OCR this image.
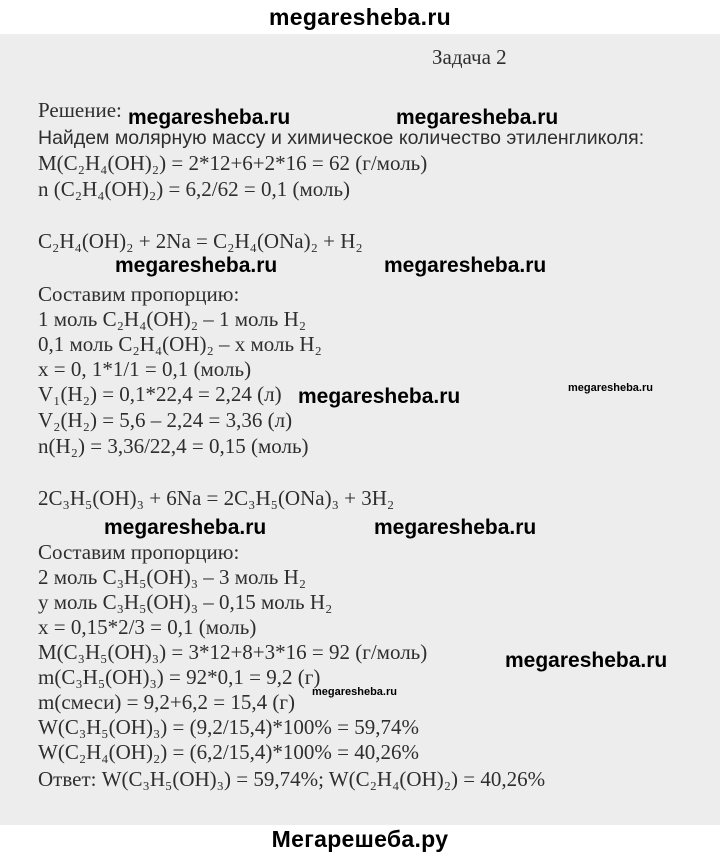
megaresheba.ru
Задача 2
Решение:
Найдем молярную массу и химическое количество этиленгликоля:
M(C₂H₄(OH)₂) = 2*12+6+2*16 = 62 (г/моль)
n (C₂H₄(OH)₂) = 6,2/62 = 0,1 (моль)
C₂H₄(OH)₂ + 2Na = C₂H₄(ONa)₂ + H₂
Составим пропорцию:
1 моль C₂H₄(OH)₂ – 1 моль H₂
0,1 моль C₂H₄(OH)₂ – x моль H₂
x = 0, 1*1/1 = 0,1 (моль)
V₁(H₂) = 0,1*22,4 = 2,24 (л)
V₂(H₂) = 5,6 – 2,24 = 3,36 (л)
n(H₂) = 3,36/22,4 = 0,15 (моль)
2C₃H₅(OH)₃ + 6Na = 2C₃H₅(ONa)₃ + 3H₂
Составим пропорцию:
2 моль C₃H₅(OH)₃ – 3 моль H₂
y моль C₃H₅(OH)₃ – 0,15 моль H₂
x = 0,15*2/3 = 0,1 (моль)
M(C₃H₅(OH)₃) = 3*12+8+3*16 = 92 (г/моль)
m(C₃H₅(OH)₃) = 92*0,1 = 9,2 (г)
m(смеси) = 9,2+6,2 = 15,4 (г)
W(C₃H₅(OH)₃) = (9,2/15,4)*100% = 59,74%
W(C₂H₄(OH)₂) = (6,2/15,4)*100% = 40,26%
Ответ: W(C₃H₅(OH)₃) = 59,74%; W(C₂H₄(OH)₂) = 40,26%
megaresheba.ru	megaresheba.ru
megaresheba.ru	megaresheba.ru
megaresheba.ru	megaresheba.ru
megaresheba.ru	megaresheba.ru
megaresheba.ru
megaresheba.ru
Мегарешеба.ру
